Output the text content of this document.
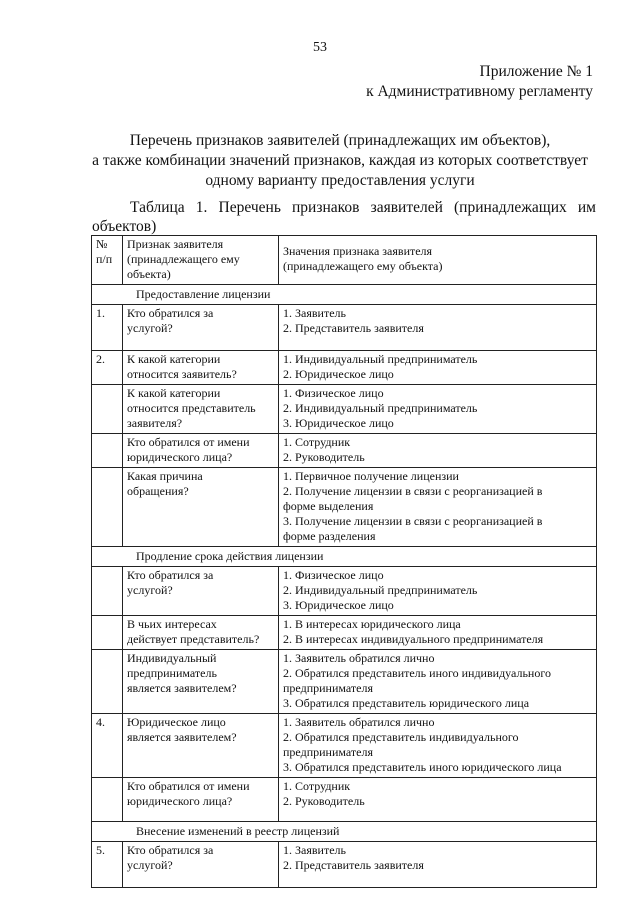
53
Приложение № 1
к Административному регламенту
Перечень признаков заявителей (принадлежащих им объектов),
а также комбинации значений признаков, каждая из которых соответствует
одному варианту предоставления услуги
Таблица 1. Перечень признаков заявителей (принадлежащих им
объектов)
№
п/п	Признак заявителя
(принадлежащего ему
объекта)	Значения признака заявителя
(принадлежащего ему объекта)

Предоставление лицензии		

1.	Кто обратился за
услугой?	1. Заявитель
2. Представитель заявителя

2.	К какой категории
относится заявитель?	1. Индивидуальный предприниматель
2. Юридическое лицо

	К какой категории
относится представитель
заявителя?	1. Физическое лицо
2. Индивидуальный предприниматель
3. Юридическое лицо

	Кто обратился от имени
юридического лица?	1. Сотрудник
2. Руководитель

	Какая причина
обращения?	1. Первичное получение лицензии
2. Получение лицензии в связи с реорганизацией в
форме выделения
3. Получение лицензии в связи с реорганизацией в
форме разделения

Продление срока действия лицензии		

	Кто обратился за
услугой?	1. Физическое лицо
2. Индивидуальный предприниматель
3. Юридическое лицо

	В чьих интересах
действует представитель?	1. В интересах юридического лица
2. В интересах индивидуального предпринимателя

	Индивидуальный
предприниматель
является заявителем?	1. Заявитель обратился лично
2. Обратился представитель иного индивидуального
предпринимателя
3. Обратился представитель юридического лица

4.	Юридическое лицо
является заявителем?	1. Заявитель обратился лично
2. Обратился представитель индивидуального
предпринимателя
3. Обратился представитель иного юридического лица

	Кто обратился от имени
юридического лица?	1. Сотрудник
2. Руководитель

Внесение изменений в реестр лицензий		

5.	Кто обратился за
услугой?	1. Заявитель
2. Представитель заявителя
